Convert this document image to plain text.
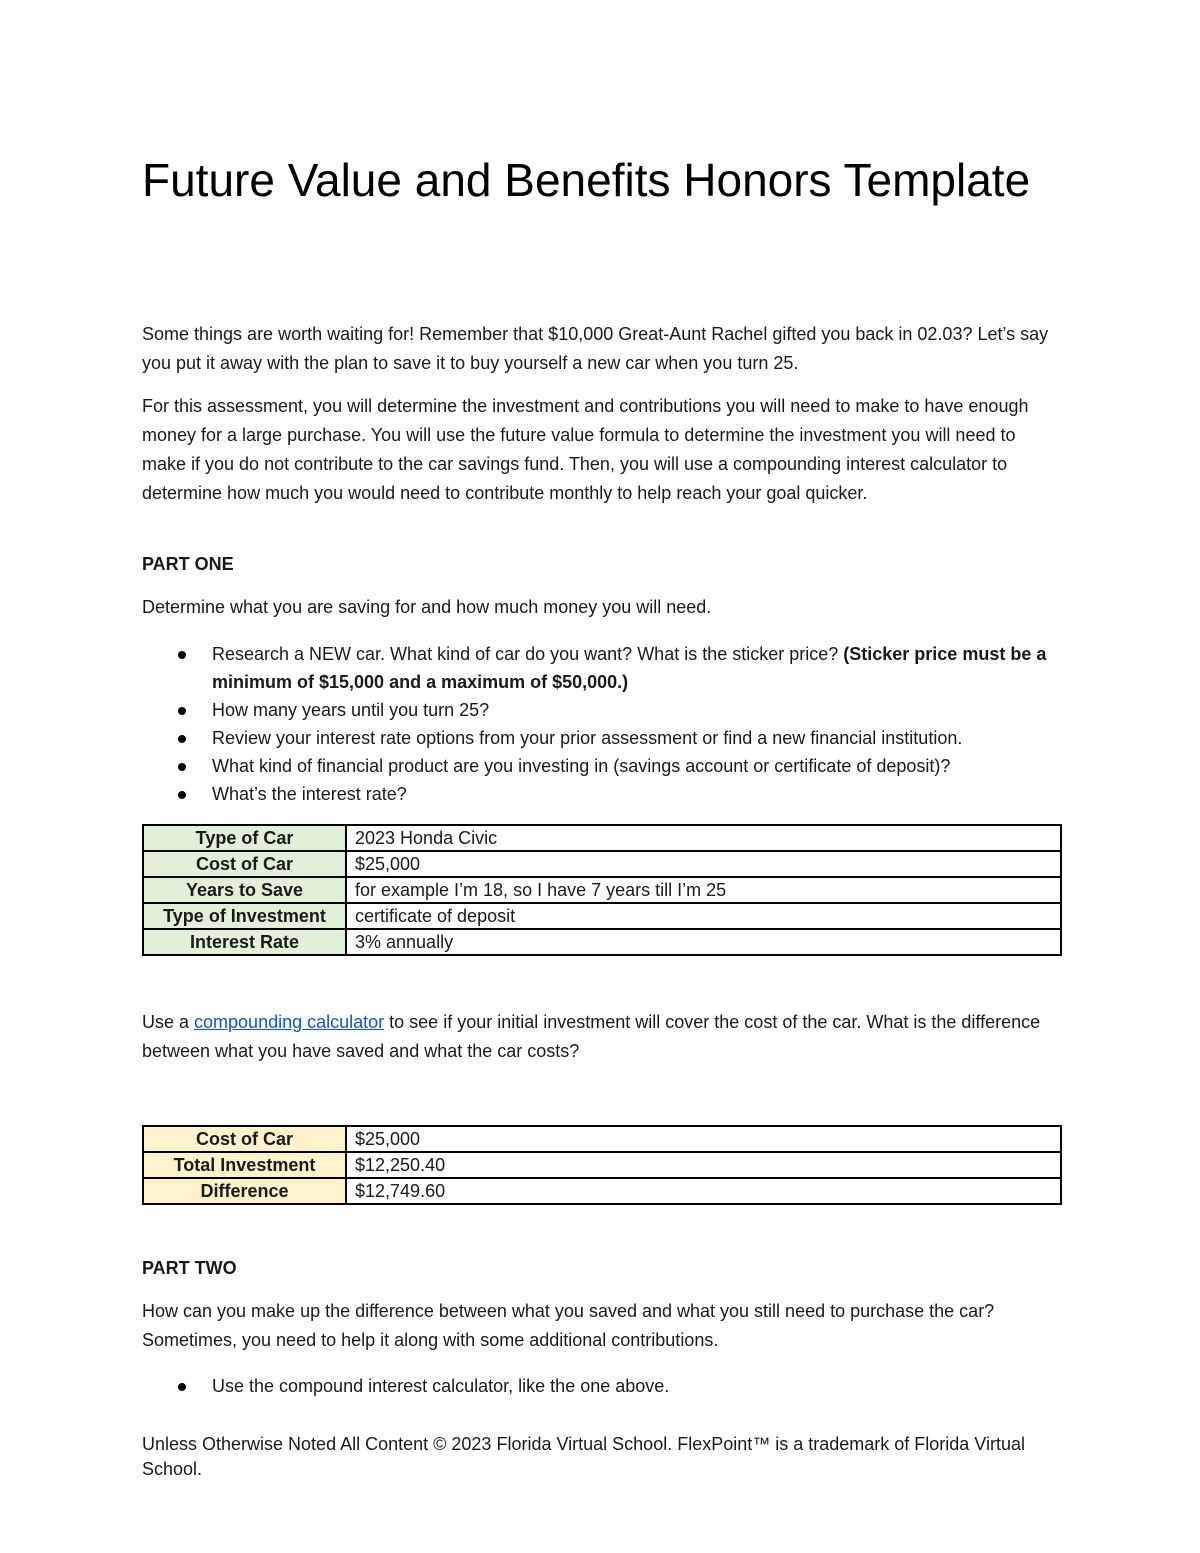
Future Value and Benefits Honors Template

Some things are worth waiting for! Remember that $10,000 Great-Aunt Rachel gifted you back in 02.03? Let’s say you put it away with the plan to save it to buy yourself a new car when you turn 25.

For this assessment, you will determine the investment and contributions you will need to make to have enough money for a large purchase. You will use the future value formula to determine the investment you will need to make if you do not contribute to the car savings fund. Then, you will use a compounding interest calculator to determine how much you would need to contribute monthly to help reach your goal quicker.

PART ONE

Determine what you are saving for and how much money you will need.

Research a NEW car. What kind of car do you want? What is the sticker price? (Sticker price must be a minimum of $15,000 and a maximum of $50,000.)
How many years until you turn 25?
Review your interest rate options from your prior assessment or find a new financial institution.
What kind of financial product are you investing in (savings account or certificate of deposit)?
What’s the interest rate?
Type of Car	2023 Honda Civic
Cost of Car	$25,000
Years to Save	for example I’m 18, so I have 7 years till I’m 25
Type of Investment	certificate of deposit
Interest Rate	3% annually

Use a compounding calculator to see if your initial investment will cover the cost of the car. What is the difference between what you have saved and what the car costs?

Cost of Car	$25,000
Total Investment	$12,250.40
Difference	$12,749.60

PART TWO

How can you make up the difference between what you saved and what you still need to purchase the car? Sometimes, you need to help it along with some additional contributions.

Use the compound interest calculator, like the one above.

Unless Otherwise Noted All Content © 2023 Florida Virtual School. FlexPoint™ is a trademark of Florida Virtual School.
